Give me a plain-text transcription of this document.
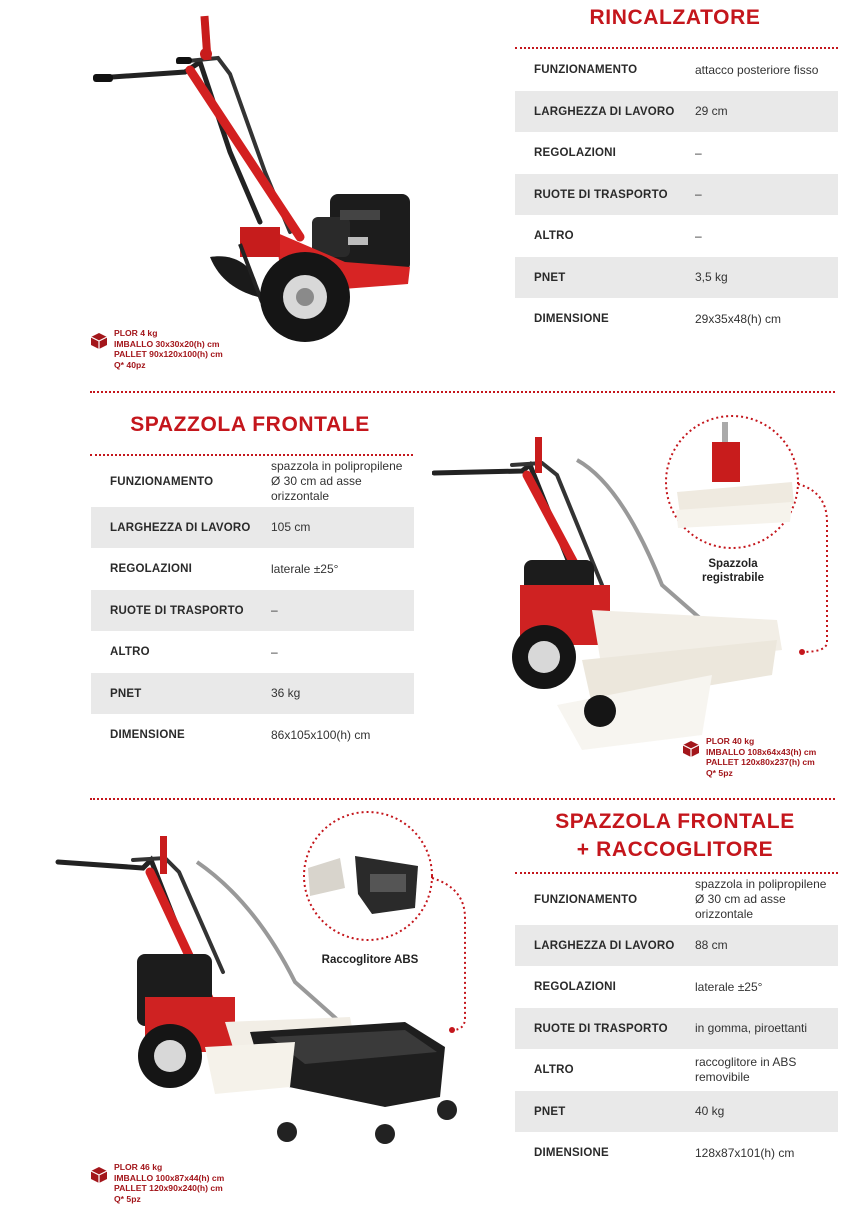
RINCALZATORE
FUNZIONAMENTO	attacco posteriore fisso
LARGHEZZA DI LAVORO	29 cm
REGOLAZIONI	–
RUOTE DI TRASPORTO	–
ALTRO	–
PNET	3,5 kg
DIMENSIONE	29x35x48(h) cm
PLOR 4 kg
IMBALLO 30x30x20(h) cm
PALLET 90x120x100(h) cm
Q* 40pz
SPAZZOLA FRONTALE
FUNZIONAMENTO	spazzola in polipropilene Ø 30 cm ad asse orizzontale
LARGHEZZA DI LAVORO	105 cm
REGOLAZIONI	laterale ±25°
RUOTE DI TRASPORTO	–
ALTRO	–
PNET	36 kg
DIMENSIONE	86x105x100(h) cm
Spazzola registrabile
PLOR 40 kg
IMBALLO 108x64x43(h) cm
PALLET 120x80x237(h) cm
Q* 5pz
SPAZZOLA FRONTALE
+ RACCOGLITORE
FUNZIONAMENTO	spazzola in polipropilene Ø 30 cm ad asse orizzontale
LARGHEZZA DI LAVORO	88 cm
REGOLAZIONI	laterale ±25°
RUOTE DI TRASPORTO	in gomma, piroettanti
ALTRO	raccoglitore in ABS removibile
PNET	40 kg
DIMENSIONE	128x87x101(h) cm
Raccoglitore ABS
PLOR 46 kg
IMBALLO 100x87x44(h) cm
PALLET 120x90x240(h) cm
Q* 5pz
